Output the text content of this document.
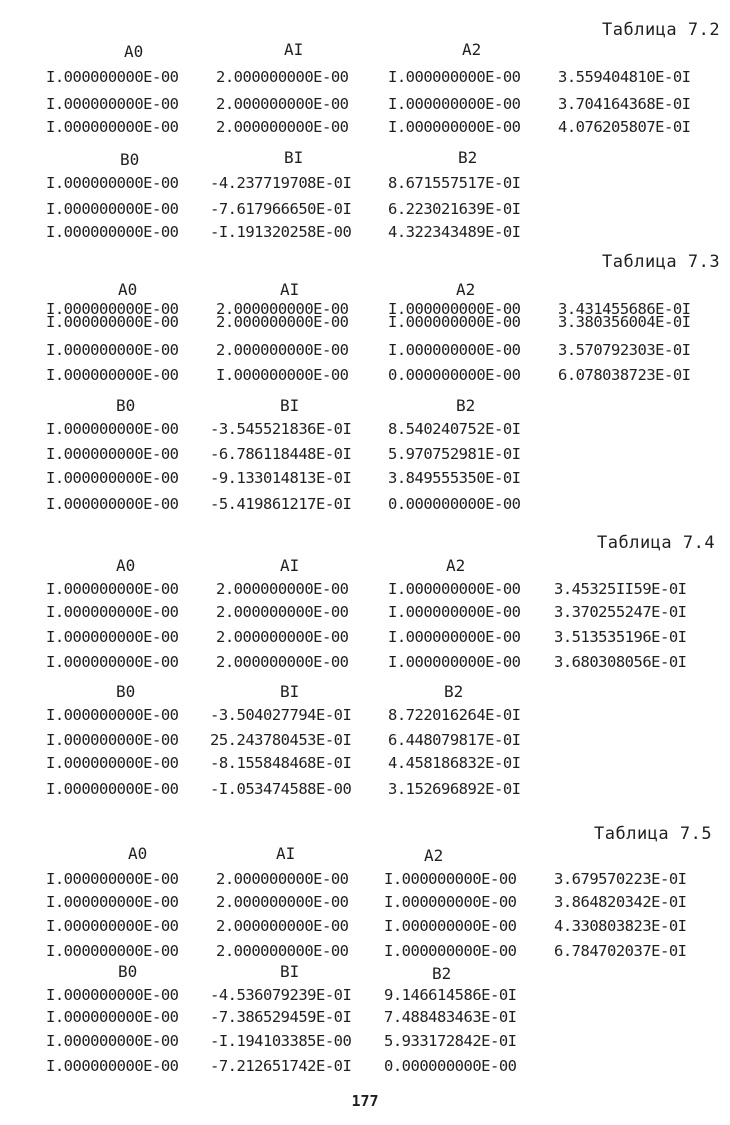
Таблица 7.2
A0	AI	A2
I.000000000E-00 2.000000000E-00	I.000000000E-00 3.559404810E-0I
I.000000000E-00 2.000000000E-00	I.000000000E-00 3.704164368E-0I
I.000000000E-00 2.000000000E-00	I.000000000E-00 4.076205807E-0I
B0	BI	B2
I.000000000E-00 -4.237719708E-0I 8.671557517E-0I
I.000000000E-00 -7.617966650E-0I 6.223021639E-0I
I.000000000E-00 -I.191320258E-00 4.322343489E-0I
Таблица 7.3
A0	AI	A2
I.000000000E-00 2.000000000E-00	I.000000000E-00 3.431455686E-0I
I.000000000E-00 2.000000000E-00	I.000000000E-00 3.380356004E-0I
I.000000000E-00 2.000000000E-00	I.000000000E-00 3.570792303E-0I
I.000000000E-00 I.000000000E-00	0.000000000E-00 6.078038723E-0I
B0	BI	B2
I.000000000E-00 -3.545521836E-0I 8.540240752E-0I
I.000000000E-00 -6.786118448E-0I 5.970752981E-0I
I.000000000E-00 -9.133014813E-0I 3.849555350E-0I
I.000000000E-00 -5.419861217E-0I 0.000000000E-00
Таблица 7.4
A0	AI	A2
I.000000000E-00 2.000000000E-00	I.000000000E-00 3.45325II59E-0I
I.000000000E-00 2.000000000E-00	I.000000000E-00 3.370255247E-0I
I.000000000E-00 2.000000000E-00	I.000000000E-00 3.513535196E-0I
I.000000000E-00 2.000000000E-00	I.000000000E-00 3.680308056E-0I
B0	BI	B2
I.000000000E-00 -3.504027794E-0I 8.722016264E-0I
I.000000000E-00 25.243780453E-0I 6.448079817E-0I
I.000000000E-00 -8.155848468E-0I 4.458186832E-0I
I.000000000E-00 -I.053474588E-00 3.152696892E-0I
Таблица 7.5
A0	AI	A2
I.000000000E-00 2.000000000E-00 I.000000000E-00 3.679570223E-0I
I.000000000E-00 2.000000000E-00 I.000000000E-00 3.864820342E-0I
I.000000000E-00 2.000000000E-00 I.000000000E-00 4.330803823E-0I
I.000000000E-00 2.000000000E-00 I.000000000E-00 6.784702037E-0I
B0	BI	B2
I.000000000E-00 -4.536079239E-0I 9.146614586E-0I
I.000000000E-00 -7.386529459E-0I 7.488483463E-0I
I.000000000E-00 -I.194103385E-00 5.933172842E-0I
I.000000000E-00 -7.212651742E-0I 0.000000000E-00
177
